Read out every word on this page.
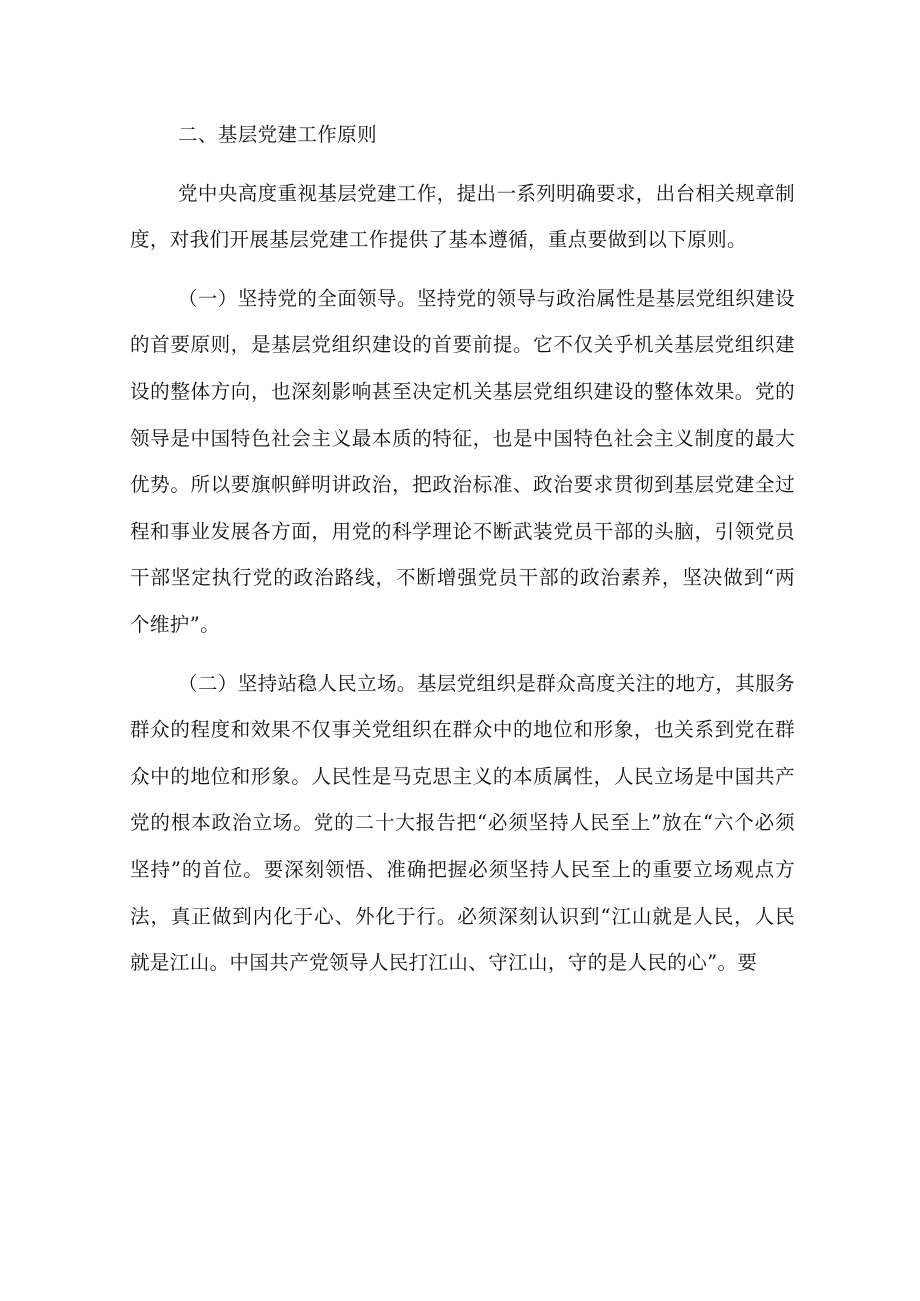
二、基层党建工作原则

党中央高度重视基层党建工作，提出一系列明确要求，出台相关规章制度，对我们开展基层党建工作提供了基本遵循，重点要做到以下原则。

（一）坚持党的全面领导。坚持党的领导与政治属性是基层党组织建设的首要原则，是基层党组织建设的首要前提。它不仅关乎机关基层党组织建设的整体方向，也深刻影响甚至决定机关基层党组织建设的整体效果。党的领导是中国特色社会主义最本质的特征，也是中国特色社会主义制度的最大优势。所以要旗帜鲜明讲政治，把政治标准、政治要求贯彻到基层党建全过程和事业发展各方面，用党的科学理论不断武装党员干部的头脑，引领党员干部坚定执行党的政治路线，不断增强党员干部的政治素养，坚决做到“两个维护”。

（二）坚持站稳人民立场。基层党组织是群众高度关注的地方，其服务群众的程度和效果不仅事关党组织在群众中的地位和形象，也关系到党在群众中的地位和形象。人民性是马克思主义的本质属性，人民立场是中国共产党的根本政治立场。党的二十大报告把“必须坚持人民至上”放在“六个必须坚持”的首位。要深刻领悟、准确把握必须坚持人民至上的重要立场观点方法，真正做到内化于心、外化于行。必须深刻认识到“江山就是人民，人民就是江山。中国共产党领导人民打江山、守江山，守的是人民的心”。要
